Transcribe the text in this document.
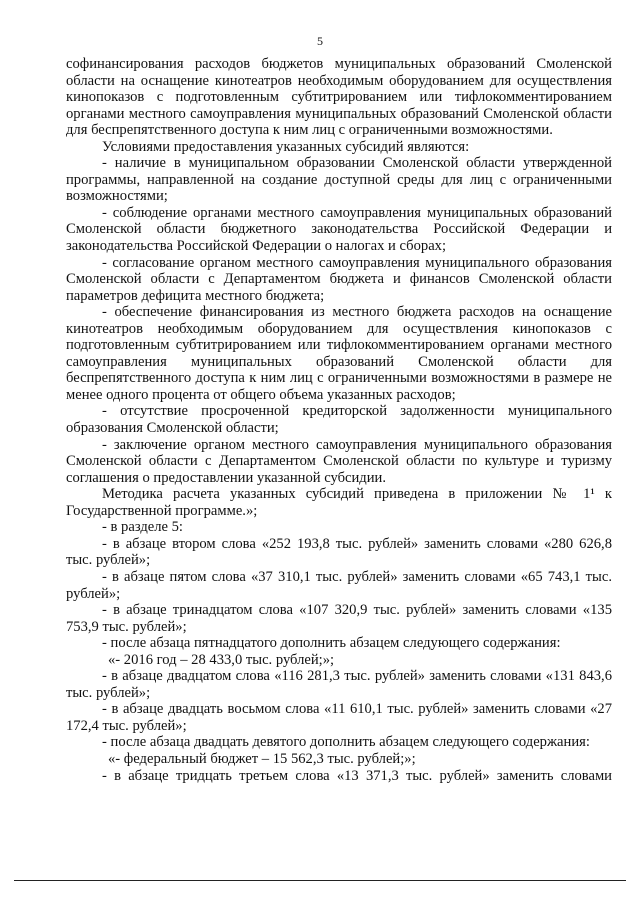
5

софинансирования расходов бюджетов муниципальных образований Смоленской области на оснащение кинотеатров необходимым оборудованием для осуществления кинопоказов с подготовленным субтитрированием или тифлокомментированием органами местного самоуправления муниципальных образований Смоленской области для беспрепятственного доступа к ним лиц с ограниченными возможностями.

Условиями предоставления указанных субсидий являются:

- наличие в муниципальном образовании Смоленской области утвержденной программы, направленной на создание доступной среды для лиц с ограниченными возможностями;

- соблюдение органами местного самоуправления муниципальных образований Смоленской области бюджетного законодательства Российской Федерации и законодательства Российской Федерации о налогах и сборах;

- согласование органом местного самоуправления муниципального образования Смоленской области с Департаментом бюджета и финансов Смоленской области параметров дефицита местного бюджета;

- обеспечение финансирования из местного бюджета расходов на оснащение кинотеатров необходимым оборудованием для осуществления кинопоказов с подготовленным субтитрированием или тифлокомментированием органами местного самоуправления муниципальных образований Смоленской области для беспрепятственного доступа к ним лиц с ограниченными возможностями в размере не менее одного процента от общего объема указанных расходов;

- отсутствие просроченной кредиторской задолженности муниципального образования Смоленской области;

- заключение органом местного самоуправления муниципального образования Смоленской области с Департаментом Смоленской области по культуре и туризму соглашения о предоставлении указанной субсидии.

Методика расчета указанных субсидий приведена в приложении № 1¹ к Государственной программе.»;

- в разделе 5:

- в абзаце втором слова «252 193,8 тыс. рублей» заменить словами «280 626,8 тыс. рублей»;

- в абзаце пятом слова «37 310,1 тыс. рублей» заменить словами «65 743,1 тыс. рублей»;

- в абзаце тринадцатом слова «107 320,9 тыс. рублей» заменить словами «135 753,9 тыс. рублей»;

- после абзаца пятнадцатого дополнить абзацем следующего содержания:

«- 2016 год – 28 433,0 тыс. рублей;»;

- в абзаце двадцатом слова «116 281,3 тыс. рублей» заменить словами «131 843,6 тыс. рублей»;

- в абзаце двадцать восьмом слова «11 610,1 тыс. рублей» заменить словами «27 172,4 тыс. рублей»;

- после абзаца двадцать девятого дополнить абзацем следующего содержания:

«- федеральный бюджет – 15 562,3 тыс. рублей;»;

- в абзаце тридцать третьем слова «13 371,3 тыс. рублей» заменить словами
